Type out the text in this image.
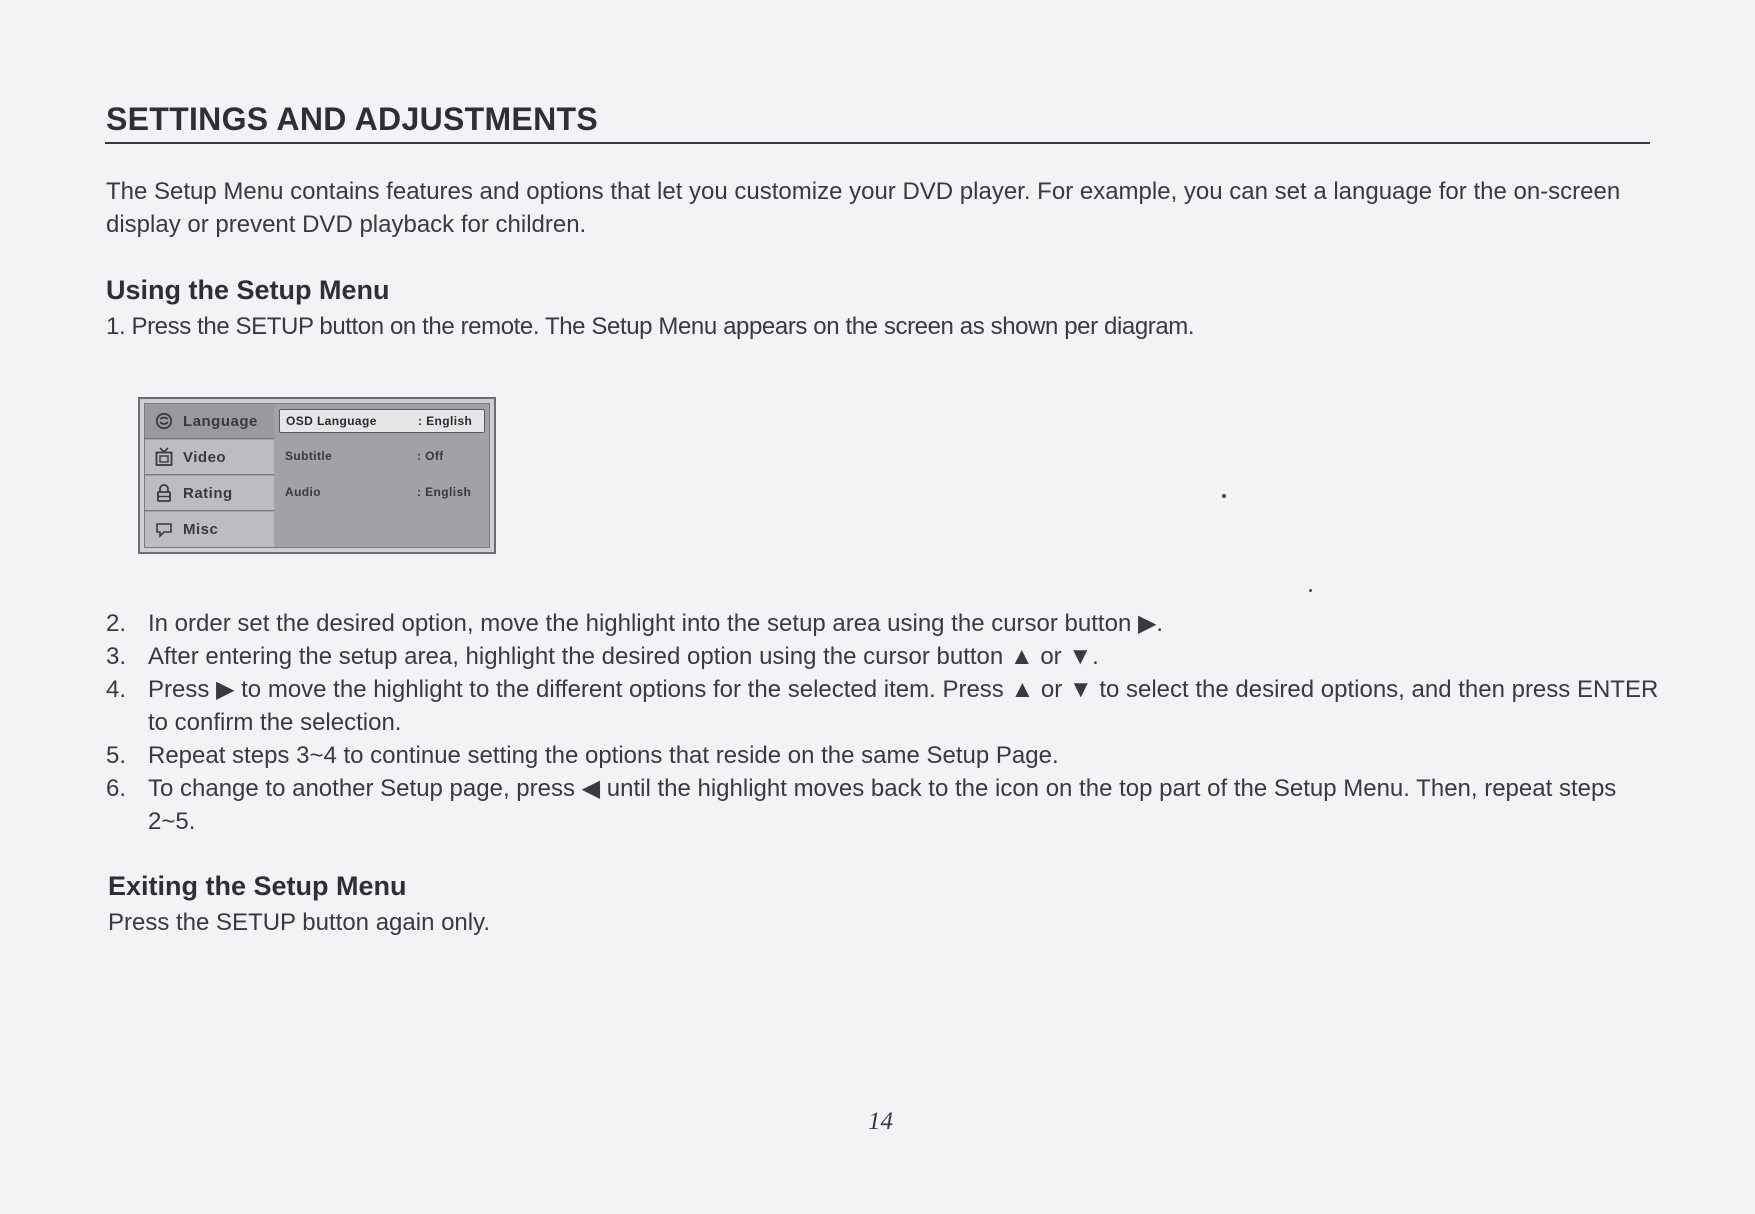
SETTINGS AND ADJUSTMENTS

The Setup Menu contains features and options that let you customize your DVD player. For example, you can set a language for the on-screen display or prevent DVD playback for children.

Using the Setup Menu

1. Press the SETUP button on the remote. The Setup Menu appears on the screen as shown per diagram.

Language
Video
Rating
Misc
OSD Language	: English
Subtitle	: Off
Audio	: English
2. In order set the desired option, move the highlight into the setup area using the cursor button ▶.
3. After entering the setup area, highlight the desired option using the cursor button ▲ or ▼.
4. Press ▶ to move the highlight to the different options for the selected item. Press ▲ or ▼ to select the desired options, and then press ENTER to confirm the selection.
5. Repeat steps 3~4 to continue setting the options that reside on the same Setup Page.
6. To change to another Setup page, press ◀ until the highlight moves back to the icon on the top part of the Setup Menu. Then, repeat steps 2~5.
Exiting the Setup Menu

Press the SETUP button again only.

14
